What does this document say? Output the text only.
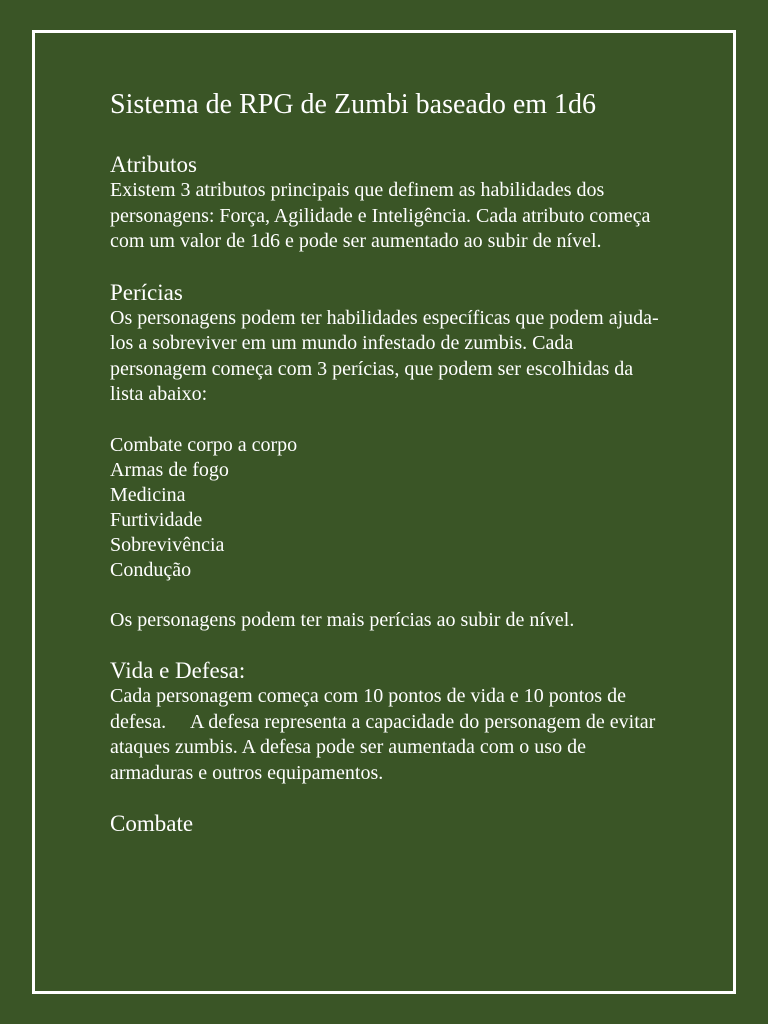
Sistema de RPG de Zumbi baseado em 1d6
Atributos

Existem 3 atributos principais que definem as habilidades dos personagens: Força, Agilidade e Inteligência. Cada atributo começa com um valor de 1d6 e pode ser aumentado ao subir de nível.

Perícias

Os personagens podem ter habilidades específicas que podem ajuda-los a sobreviver em um mundo infestado de zumbis. Cada personagem começa com 3 perícias, que podem ser escolhidas da lista abaixo:

Combate corpo a corpo
Armas de fogo
Medicina
Furtividade
Sobrevivência
Condução

Os personagens podem ter mais perícias ao subir de nível.

Vida e Defesa:

Cada personagem começa com 10 pontos de vida e 10 pontos de defesa.     A defesa representa a capacidade do personagem de evitar ataques zumbis. A defesa pode ser aumentada com o uso de armaduras e outros equipamentos.

Combate
